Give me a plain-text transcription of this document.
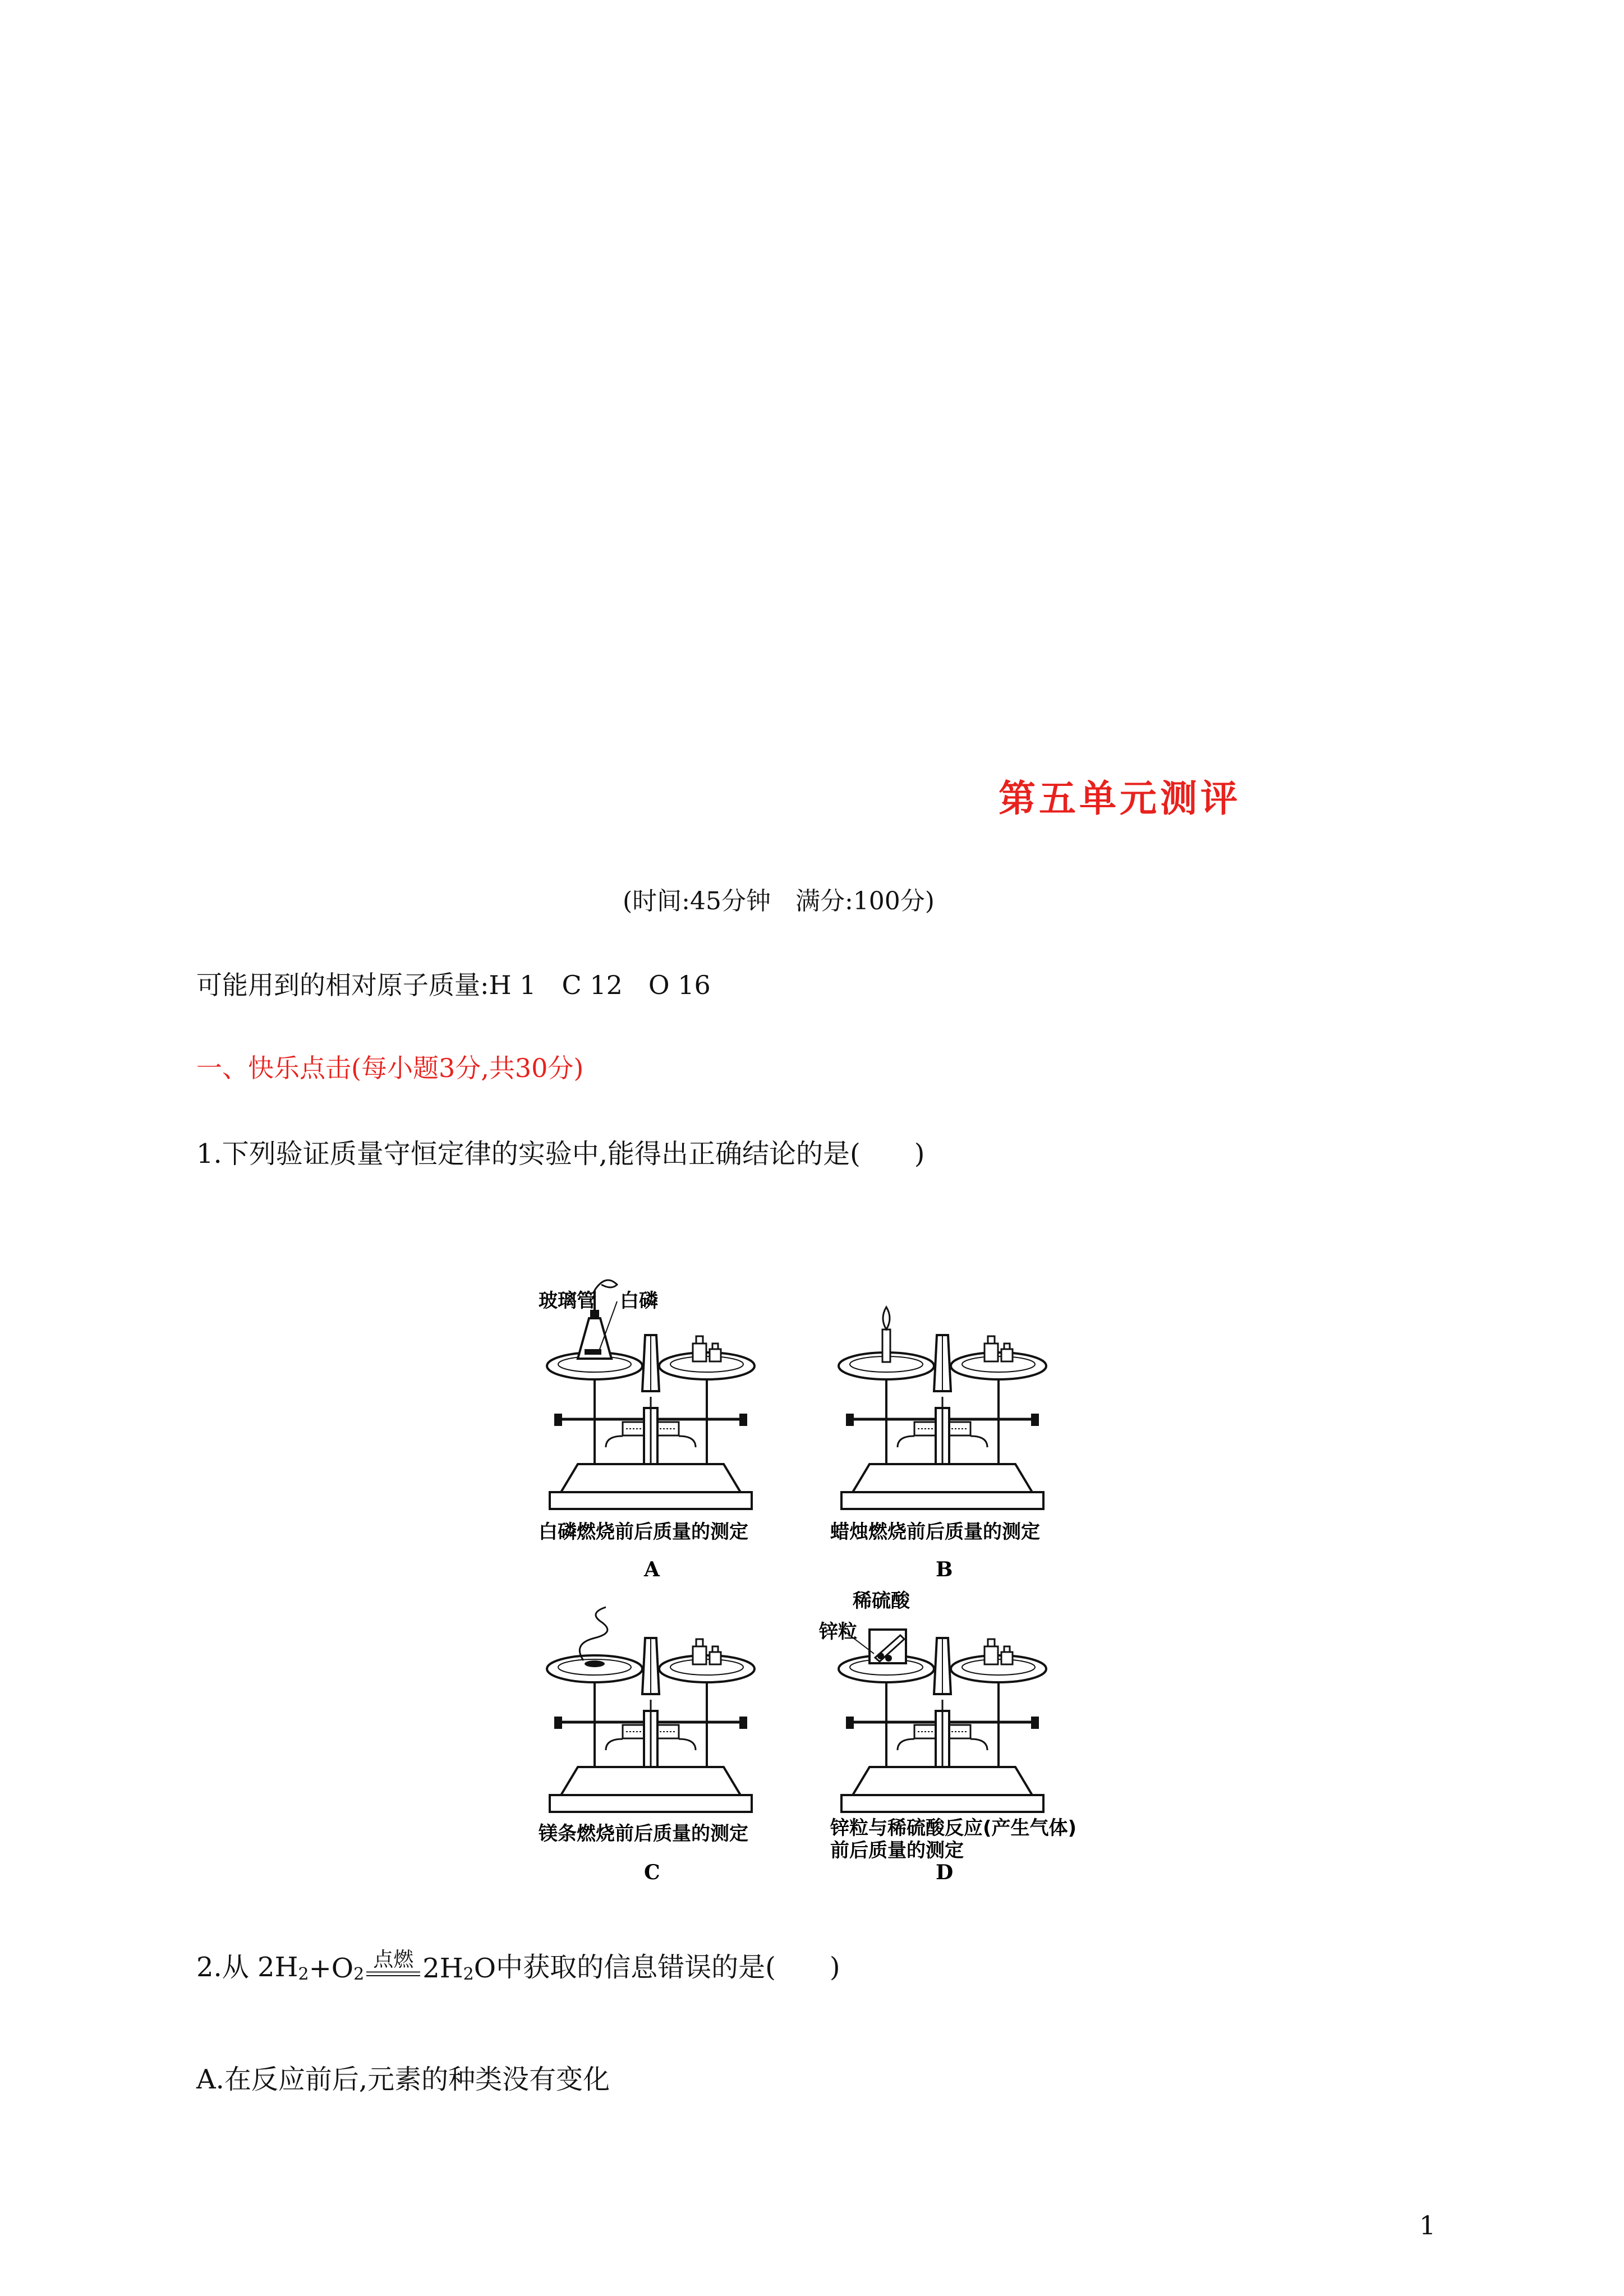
第五单元测评
(时间:45分钟　满分:100分)
可能用到的相对原子质量:H 1　C 12　O 16
一、快乐点击(每小题3分,共30分)
1.下列验证质量守恒定律的实验中,能得出正确结论的是(　　)
玻璃管 白磷
稀硫酸
锌粒
白磷燃烧前后质量的测定
A
蜡烛燃烧前后质量的测定
B
镁条燃烧前后质量的测定
C
锌粒与稀硫酸反应(产生气体)
前后质量的测定
D
2.从 $2H_2 +O_2$
点燃 $2H_2$ O 中获取的信息错误的是(　　)
A.在反应前后,元素的种类没有变化
1
